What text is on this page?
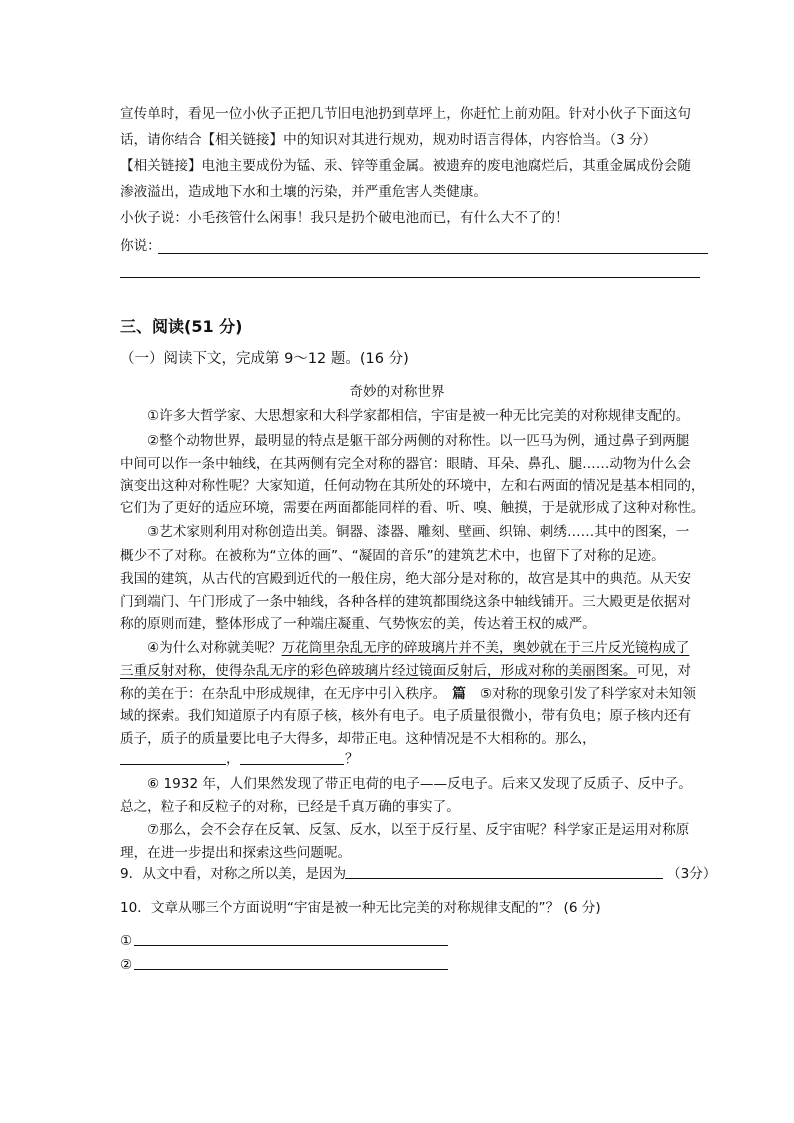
宣传单时，看见一位小伙子正把几节旧电池扔到草坪上，你赶忙上前劝阻。针对小伙子下面这句
话，请你结合【相关链接】中的知识对其进行规劝，规劝时语言得体，内容恰当。（3 分）
【相关链接】电池主要成份为锰、汞、锌等重金属。被遗弃的废电池腐烂后，其重金属成份会随
渗液溢出，造成地下水和土壤的污染，并严重危害人类健康。
小伙子说：小毛孩管什么闲事！我只是扔个破电池而已，有什么大不了的！
你说：
三、阅读(51 分)
（一）阅读下文，完成第 9～12 题。(16 分)
奇妙的对称世界
①许多大哲学家、大思想家和大科学家都相信，宇宙是被一种无比完美的对称规律支配的。
②整个动物世界，最明显的特点是躯干部分两侧的对称性。以一匹马为例，通过鼻子到两腿
中间可以作一条中轴线，在其两侧有完全对称的器官：眼睛、耳朵、鼻孔、腿……动物为什么会
演变出这种对称性呢？大家知道，任何动物在其所处的环境中，左和右两面的情况是基本相同的，
它们为了更好的适应环境，需要在两面都能同样的看、听、嗅、触摸，于是就形成了这种对称性。
③艺术家则利用对称创造出美。铜器、漆器、雕刻、壁画、织锦、刺绣……其中的图案，一
概少不了对称。在被称为“立体的画”、“凝固的音乐”的建筑艺术中，也留下了对称的足迹。
我国的建筑，从古代的宫殿到近代的一般住房，绝大部分是对称的，故宫是其中的典范。从天安
门到端门、午门形成了一条中轴线，各种各样的建筑都围绕这条中轴线铺开。三大殿更是依据对
称的原则而建，整体形成了一种端庄凝重、气势恢宏的美，传达着王权的威严。
④为什么对称就美呢？万花筒里杂乱无序的碎玻璃片并不美，奥妙就在于三片反光镜构成了
三重反射对称，使得杂乱无序的彩色碎玻璃片经过镜面反射后，形成对称的美丽图案。可见，对
称的美在于：在杂乱中形成规律，在无序中引入秩序。 篇 ⑤对称的现象引发了科学家对未知领
域的探索。我们知道原子内有原子核，核外有电子。电子质量很微小，带有负电；原子核内还有
质子，质子的质量要比电子大得多，却带正电。这种情况是不大相称的。那么，
，	？
⑥ 1932 年，人们果然发现了带正电荷的电子——反电子。后来又发现了反质子、反中子。
总之，粒子和反粒子的对称，已经是千真万确的事实了。
⑦那么，会不会存在反氧、反氢、反水，以至于反行星、反宇宙呢？科学家正是运用对称原
理，在进一步提出和探索这些问题呢。
9．从文中看，对称之所以美，是因为	（3分）
10．文章从哪三个方面说明“宇宙是被一种无比完美的对称规律支配的”？ (6 分)
①
②
